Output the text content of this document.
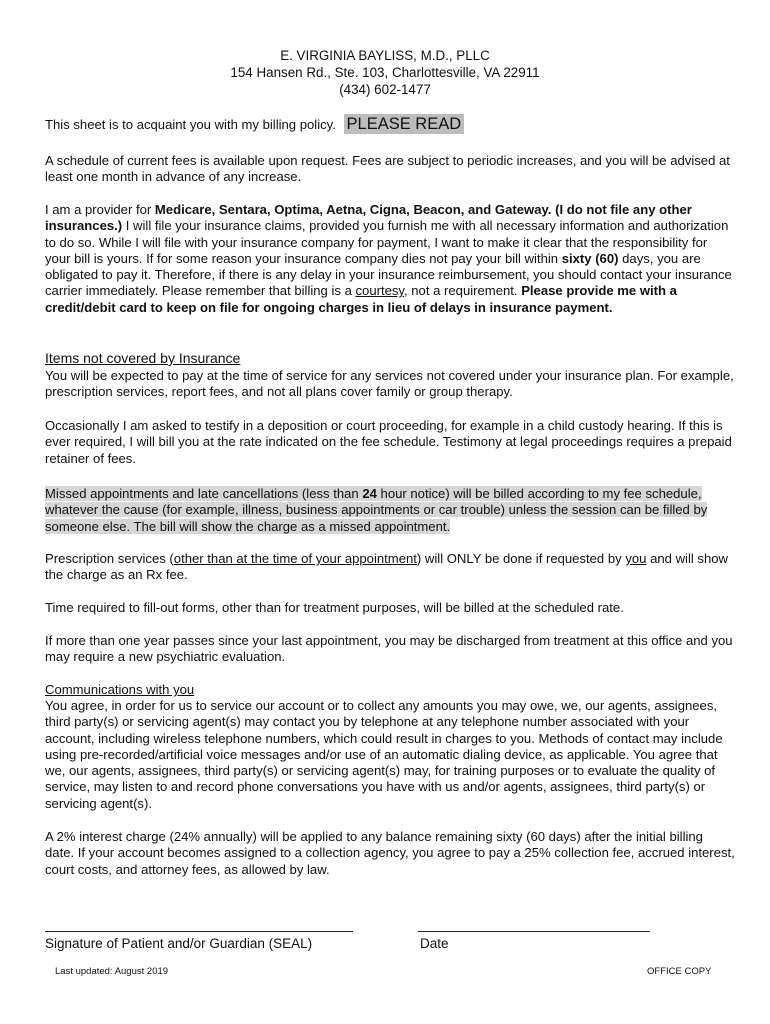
E. VIRGINIA BAYLISS, M.D., PLLC
154 Hansen Rd., Ste. 103, Charlottesville, VA 22911
(434) 602-1477
This sheet is to acquaint you with my billing policy. PLEASE READ
A schedule of current fees is available upon request. Fees are subject to periodic increases, and you will be advised at least one month in advance of any increase.
I am a provider for Medicare, Sentara, Optima, Aetna, Cigna, Beacon, and Gateway. (I do not file any other insurances.) I will file your insurance claims, provided you furnish me with all necessary information and authorization to do so. While I will file with your insurance company for payment, I want to make it clear that the responsibility for your bill is yours. If for some reason your insurance company dies not pay your bill within sixty (60) days, you are obligated to pay it. Therefore, if there is any delay in your insurance reimbursement, you should contact your insurance carrier immediately. Please remember that billing is a courtesy, not a requirement. Please provide me with a credit/debit card to keep on file for ongoing charges in lieu of delays in insurance payment.
Items not covered by Insurance
You will be expected to pay at the time of service for any services not covered under your insurance plan. For example, prescription services, report fees, and not all plans cover family or group therapy.
Occasionally I am asked to testify in a deposition or court proceeding, for example in a child custody hearing. If this is ever required, I will bill you at the rate indicated on the fee schedule. Testimony at legal proceedings requires a prepaid retainer of fees.
Missed appointments and late cancellations (less than 24 hour notice) will be billed according to my fee schedule, whatever the cause (for example, illness, business appointments or car trouble) unless the session can be filled by someone else. The bill will show the charge as a missed appointment.
Prescription services (other than at the time of your appointment) will ONLY be done if requested by you and will show the charge as an Rx fee.
Time required to fill-out forms, other than for treatment purposes, will be billed at the scheduled rate.
If more than one year passes since your last appointment, you may be discharged from treatment at this office and you may require a new psychiatric evaluation.
Communications with you
You agree, in order for us to service our account or to collect any amounts you may owe, we, our agents, assignees, third party(s) or servicing agent(s) may contact you by telephone at any telephone number associated with your account, including wireless telephone numbers, which could result in charges to you. Methods of contact may include using pre-recorded/artificial voice messages and/or use of an automatic dialing device, as applicable. You agree that we, our agents, assignees, third party(s) or servicing agent(s) may, for training purposes or to evaluate the quality of service, may listen to and record phone conversations you have with us and/or agents, assignees, third party(s) or servicing agent(s).
A 2% interest charge (24% annually) will be applied to any balance remaining sixty (60 days) after the initial billing date. If your account becomes assigned to a collection agency, you agree to pay a 25% collection fee, accrued interest, court costs, and attorney fees, as allowed by law.
Signature of Patient and/or Guardian (SEAL)	Date
Last updated: August 2019	OFFICE COPY
